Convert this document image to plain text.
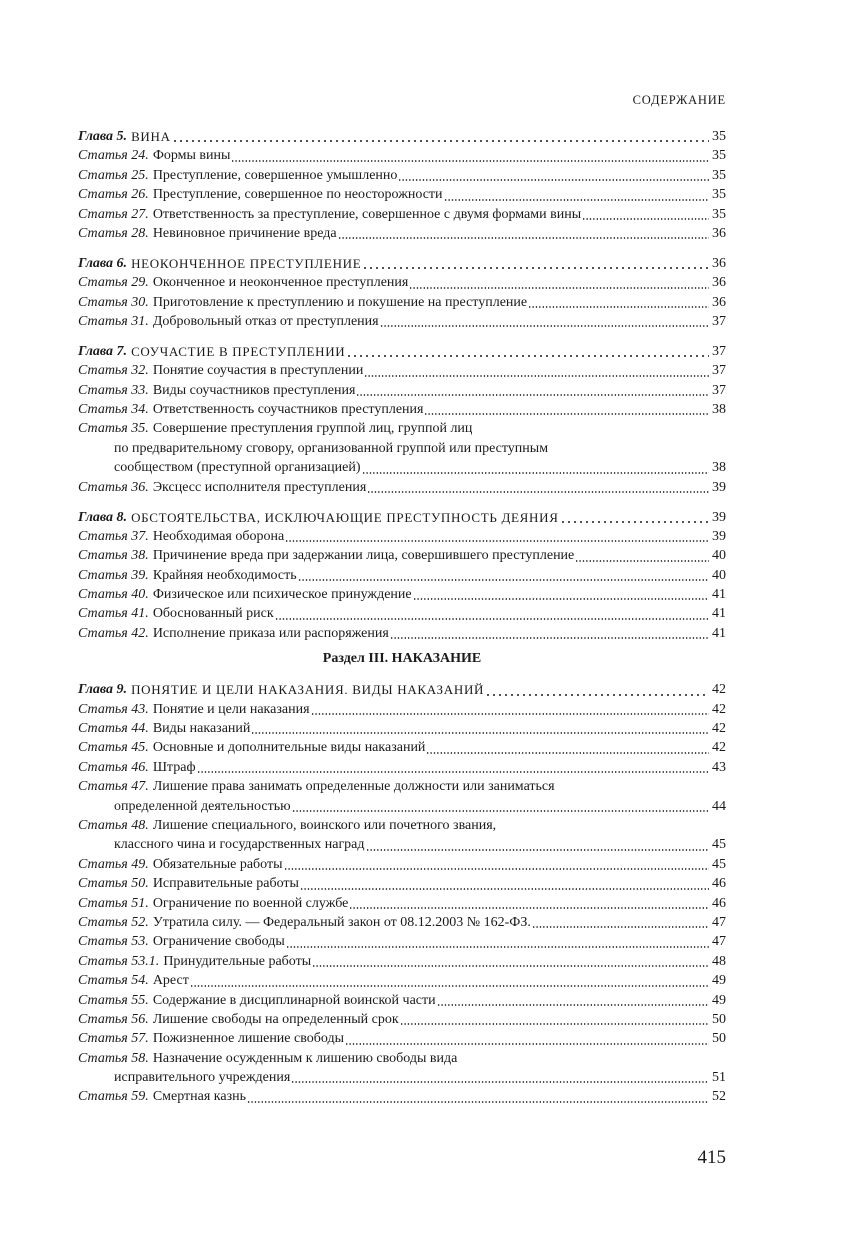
СОДЕРЖАНИЕ
Глава 5. ВИНА	35
Статья 24. Формы вины	35
Статья 25. Преступление, совершенное умышленно	35
Статья 26. Преступление, совершенное по неосторожности	35
Статья 27. Ответственность за преступление, совершенное с двумя формами вины	35
Статья 28. Невиновное причинение вреда	36
Глава 6. НЕОКОНЧЕННОЕ ПРЕСТУПЛЕНИЕ	36
Статья 29. Оконченное и неоконченное преступления	36
Статья 30. Приготовление к преступлению и покушение на преступление	36
Статья 31. Добровольный отказ от преступления	37
Глава 7. СОУЧАСТИЕ В ПРЕСТУПЛЕНИИ	37
Статья 32. Понятие соучастия в преступлении	37
Статья 33. Виды соучастников преступления	37
Статья 34. Ответственность соучастников преступления	38
Статья 35. Совершение преступления группой лиц, группой лиц
по предварительному сговору, организованной группой или преступным
сообществом (преступной организацией)	38
Статья 36. Эксцесс исполнителя преступления	39
Глава 8. ОБСТОЯТЕЛЬСТВА, ИСКЛЮЧАЮЩИЕ ПРЕСТУПНОСТЬ ДЕЯНИЯ	39
Статья 37. Необходимая оборона	39
Статья 38. Причинение вреда при задержании лица, совершившего преступление	40
Статья 39. Крайняя необходимость	40
Статья 40. Физическое или психическое принуждение	41
Статья 41. Обоснованный риск	41
Статья 42. Исполнение приказа или распоряжения	41
Раздел III. НАКАЗАНИЕ
Глава 9. ПОНЯТИЕ И ЦЕЛИ НАКАЗАНИЯ. ВИДЫ НАКАЗАНИЙ	42
Статья 43. Понятие и цели наказания	42
Статья 44. Виды наказаний	42
Статья 45. Основные и дополнительные виды наказаний	42
Статья 46. Штраф	43
Статья 47. Лишение права занимать определенные должности или заниматься
определенной деятельностью	44
Статья 48. Лишение специального, воинского или почетного звания,
классного чина и государственных наград	45
Статья 49. Обязательные работы	45
Статья 50. Исправительные работы	46
Статья 51. Ограничение по военной службе	46
Статья 52. Утратила силу. — Федеральный закон от 08.12.2003 № 162-ФЗ.	47
Статья 53. Ограничение свободы	47
Статья 53.1. Принудительные работы	48
Статья 54. Арест	49
Статья 55. Содержание в дисциплинарной воинской части	49
Статья 56. Лишение свободы на определенный срок	50
Статья 57. Пожизненное лишение свободы	50
Статья 58. Назначение осужденным к лишению свободы вида
исправительного учреждения	51
Статья 59. Смертная казнь	52
415
